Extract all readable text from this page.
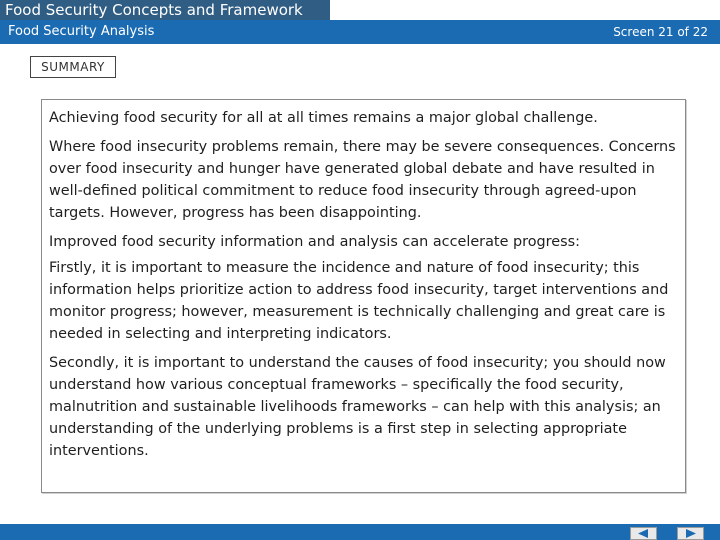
Food Security Concepts and Framework
Food Security Analysis	Screen 21 of 22
SUMMARY

Achieving food security for all at all times remains a major global challenge.

Where food insecurity problems remain, there may be severe consequences. Concerns over food insecurity and hunger have generated global debate and have resulted in well-defined political commitment to reduce food insecurity through agreed-upon targets. However, progress has been disappointing.

Improved food security information and analysis can accelerate progress:

Firstly, it is important to measure the incidence and nature of food insecurity; this information helps prioritize action to address food insecurity, target interventions and monitor progress; however, measurement is technically challenging and great care is needed in selecting and interpreting indicators.

Secondly, it is important to understand the causes of food insecurity; you should now understand how various conceptual frameworks – specifically the food security, malnutrition and sustainable livelihoods frameworks – can help with this analysis; an understanding of the underlying problems is a first step in selecting appropriate interventions.
